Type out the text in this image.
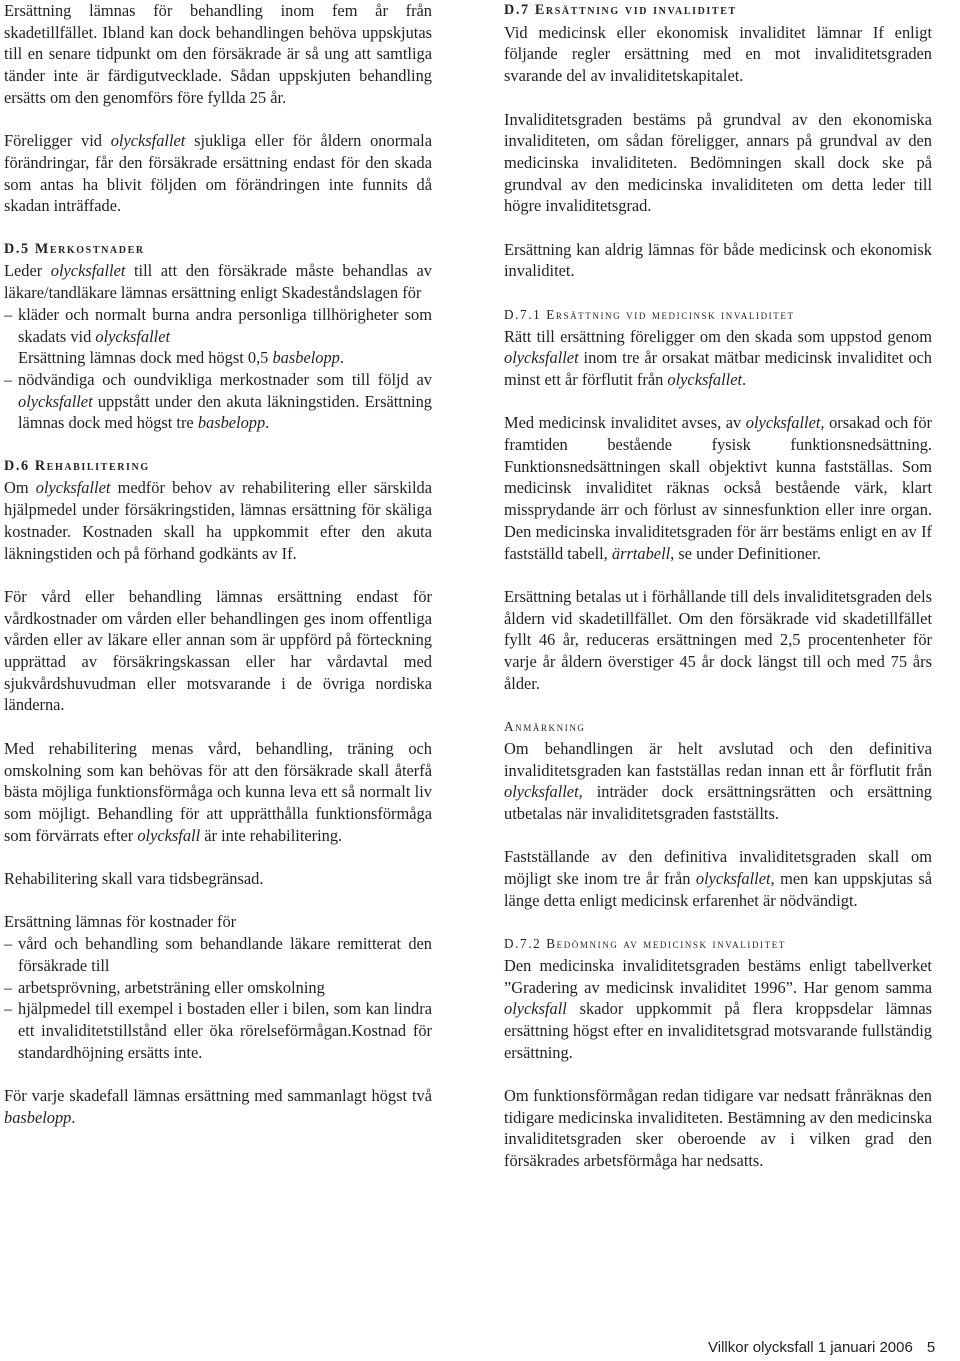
Ersättning lämnas för behandling inom fem år från skadetillfället. Ibland kan dock behandlingen behöva uppskjutas till en senare tidpunkt om den försäkrade är så ung att samtliga tänder inte är färdigutvecklade. Sådan uppskjuten behandling ersätts om den genomförs före fyllda 25 år.
Föreligger vid olycksfallet sjukliga eller för åldern onormala förändringar, får den försäkrade ersättning endast för den skada som antas ha blivit följden om förändringen inte funnits då skadan inträffade.
D.5 Merkostnader
Leder olycksfallet till att den försäkrade måste behandlas av läkare/tandläkare lämnas ersättning enligt Skadeståndslagen för
– kläder och normalt burna andra personliga tillhörigheter som skadats vid olycksfallet
Ersättning lämnas dock med högst 0,5 basbelopp.
– nödvändiga och oundvikliga merkostnader som till följd av olycksfallet uppstått under den akuta läkningstiden. Ersättning lämnas dock med högst tre basbelopp.
D.6 Rehabilitering
Om olycksfallet medför behov av rehabilitering eller särskilda hjälpmedel under försäkringstiden, lämnas ersättning för skäliga kostnader. Kostnaden skall ha uppkommit efter den akuta läkningstiden och på förhand godkänts av If.
För vård eller behandling lämnas ersättning endast för vårdkostnader om vården eller behandlingen ges inom offentliga vården eller av läkare eller annan som är uppförd på förteckning upprättad av försäkringskassan eller har vårdavtal med sjukvårdshuvudman eller motsvarande i de övriga nordiska länderna.
Med rehabilitering menas vård, behandling, träning och omskolning som kan behövas för att den försäkrade skall återfå bästa möjliga funktionsförmåga och kunna leva ett så normalt liv som möjligt. Behandling för att upprätthålla funktionsförmåga som förvärrats efter olycksfall är inte rehabilitering.
Rehabilitering skall vara tidsbegränsad.
Ersättning lämnas för kostnader för
– vård och behandling som behandlande läkare remitterat den försäkrade till
– arbetsprövning, arbetsträning eller omskolning
– hjälpmedel till exempel i bostaden eller i bilen, som kan lindra ett invaliditetstillstånd eller öka rörelseförmågan.Kostnad för standardhöjning ersätts inte.
För varje skadefall lämnas ersättning med sammanlagt högst två basbelopp.
D.7 Ersättning vid invaliditet
Vid medicinsk eller ekonomisk invaliditet lämnar If enligt följande regler ersättning med en mot invaliditetsgraden svarande del av invaliditetskapitalet.
Invaliditetsgraden bestäms på grundval av den ekonomiska invaliditeten, om sådan föreligger, annars på grundval av den medicinska invaliditeten. Bedömningen skall dock ske på grundval av den medicinska invaliditeten om detta leder till högre invaliditetsgrad.
Ersättning kan aldrig lämnas för både medicinsk och ekonomisk invaliditet.
D.7.1 Ersättning vid medicinsk invaliditet
Rätt till ersättning föreligger om den skada som uppstod genom olycksfallet inom tre år orsakat mätbar medicinsk invaliditet och minst ett år förflutit från olycksfallet.
Med medicinsk invaliditet avses, av olycksfallet, orsakad och för framtiden bestående fysisk funktionsnedsättning. Funktionsnedsättningen skall objektivt kunna fastställas. Som medicinsk invaliditet räknas också bestående värk, klart missprydande ärr och förlust av sinnesfunktion eller inre organ. Den medicinska invaliditetsgraden för ärr bestäms enligt en av If fastställd tabell, ärrtabell, se under Definitioner.
Ersättning betalas ut i förhållande till dels invaliditetsgraden dels åldern vid skadetillfället. Om den försäkrade vid skadetillfället fyllt 46 år, reduceras ersättningen med 2,5 procentenheter för varje år åldern överstiger 45 år dock längst till och med 75 års ålder.
Anmärkning
Om behandlingen är helt avslutad och den definitiva invaliditetsgraden kan fastställas redan innan ett år förflutit från olycksfallet, inträder dock ersättningsrätten och ersättning utbetalas när invaliditetsgraden fastställts.
Fastställande av den definitiva invaliditetsgraden skall om möjligt ske inom tre år från olycksfallet, men kan uppskjutas så länge detta enligt medicinsk erfarenhet är nödvändigt.
D.7.2 Bedömning av medicinsk invaliditet
Den medicinska invaliditetsgraden bestäms enligt tabellverket ”Gradering av medicinsk invaliditet 1996”. Har genom samma olycksfall skador uppkommit på flera kroppsdelar lämnas ersättning högst efter en invaliditetsgrad motsvarande fullständig ersättning.
Om funktionsförmågan redan tidigare var nedsatt frånräknas den tidigare medicinska invaliditeten. Bestämning av den medicinska invaliditetsgraden sker oberoende av i vilken grad den försäkrades arbetsförmåga har nedsatts.
Villkor olycksfall 1 januari 2006 5
